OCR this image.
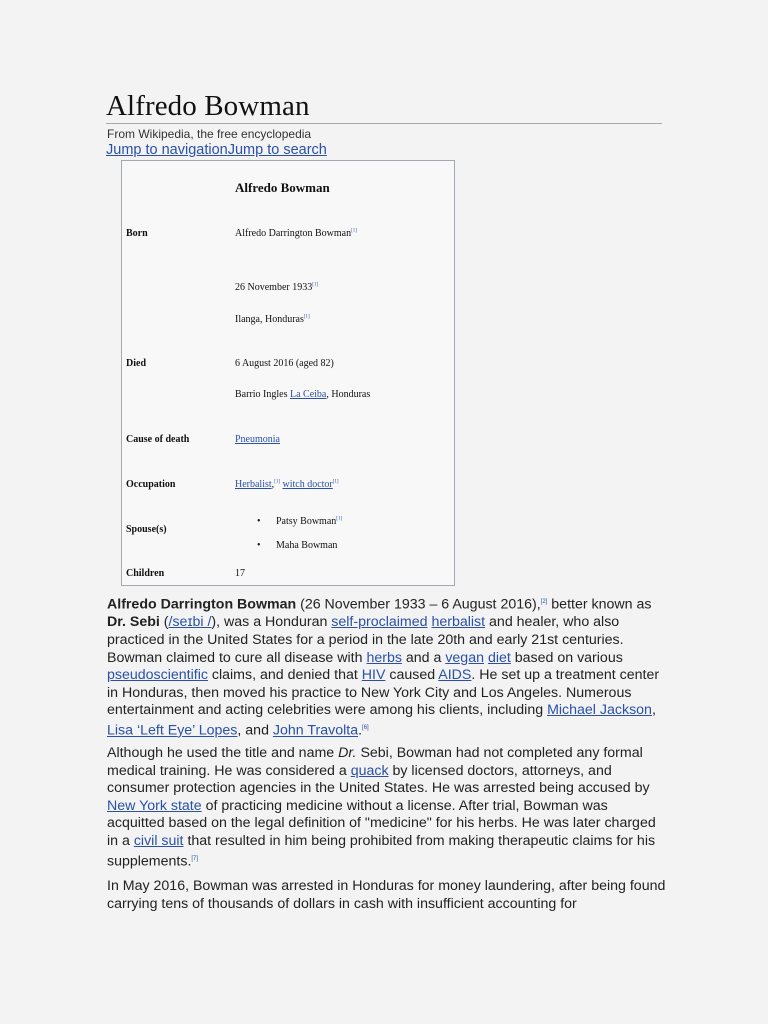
Alfredo Bowman
From Wikipedia, the free encyclopedia
Jump to navigationJump to search
Alfredo Bowman
Born	Alfredo Darrington Bowman[1]
26 November 1933[1]
Ilanga, Honduras[1]
Died	6 August 2016 (aged 82)
Barrio Ingles La Ceiba, Honduras
Cause of death	Pneumonia
Occupation	Herbalist,[1] witch doctor[1]
Spouse(s)
• Patsy Bowman[1]
• Maha Bowman
Children	17

Alfredo Darrington Bowman (26 November 1933 – 6 August 2016),[2] better known as Dr. Sebi (/seɪbi /), was a Honduran self-proclaimed herbalist and healer, who also practiced in the United States for a period in the late 20th and early 21st centuries. Bowman claimed to cure all disease with herbs and a vegan diet based on various pseudoscientific claims, and denied that HIV caused AIDS. He set up a treatment center in Honduras, then moved his practice to New York City and Los Angeles. Numerous entertainment and acting celebrities were among his clients, including Michael Jackson, Lisa ‘Left Eye’ Lopes, and John Travolta.[6]

Although he used the title and name Dr. Sebi, Bowman had not completed any formal medical training. He was considered a quack by licensed doctors, attorneys, and consumer protection agencies in the United States. He was arrested being accused by New York state of practicing medicine without a license. After trial, Bowman was acquitted based on the legal definition of "medicine" for his herbs. He was later charged in a civil suit that resulted in him being prohibited from making therapeutic claims for his supplements.[7]

In May 2016, Bowman was arrested in Honduras for money laundering, after being found carrying tens of thousands of dollars in cash with insufficient accounting for
